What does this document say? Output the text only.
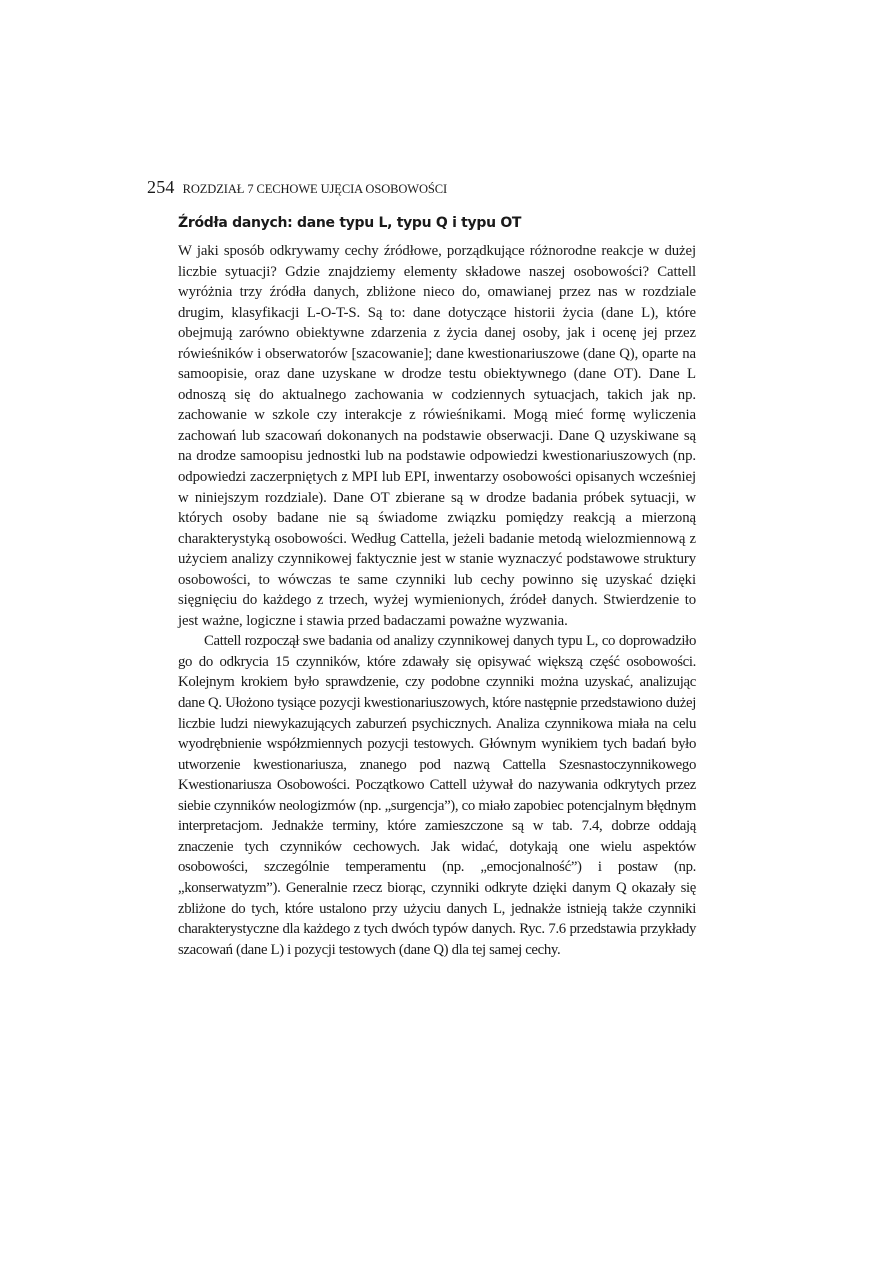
254 ROZDZIAŁ 7 CECHOWE UJĘCIA OSOBOWOŚCI
Źródła danych: dane typu L, typu Q i typu OT

W jaki sposób odkrywamy cechy źródłowe, porządkujące różnorodne reakcje w dużej liczbie sytuacji? Gdzie znajdziemy elementy składowe naszej osobowości? Cattell wyróżnia trzy źródła danych, zbliżone nieco do, omawianej przez nas w rozdziale drugim, klasyfikacji L-O-T-S. Są to: dane dotyczące historii życia (dane L), które obejmują zarówno obiektywne zdarzenia z życia danej osoby, jak i ocenę jej przez rówieśników i obserwatorów [szacowanie]; dane kwestionariuszowe (dane Q), oparte na samoopisie, oraz dane uzyskane w drodze testu obiektywnego (dane OT). Dane L odnoszą się do aktualnego zachowania w codziennych sytuacjach, takich jak np. zachowanie w szkole czy interakcje z rówieśnikami. Mogą mieć formę wyliczenia zachowań lub szacowań dokonanych na podstawie obserwacji. Dane Q uzyskiwane są na drodze samoopisu jednostki lub na podstawie odpowiedzi kwestionariuszowych (np. odpowiedzi zaczerpniętych z MPI lub EPI, inwentarzy osobowości opisanych wcześniej w niniejszym rozdziale). Dane OT zbierane są w drodze badania próbek sytuacji, w których osoby badane nie są świadome związku pomiędzy reakcją a mierzoną charakterystyką osobowości. Według Cattella, jeżeli badanie metodą wielozmiennową z użyciem analizy czynnikowej faktycznie jest w stanie wyznaczyć podstawowe struktury osobowości, to wówczas te same czynniki lub cechy powinno się uzyskać dzięki sięgnięciu do każdego z trzech, wyżej wymienionych, źródeł danych. Stwierdzenie to jest ważne, logiczne i stawia przed badaczami poważne wyzwania.

Cattell rozpoczął swe badania od analizy czynnikowej danych typu L, co doprowadziło go do odkrycia 15 czynników, które zdawały się opisywać większą część osobowości. Kolejnym krokiem było sprawdzenie, czy podobne czynniki można uzyskać, analizując dane Q. Ułożono tysiące pozycji kwestionariuszowych, które następnie przedstawiono dużej liczbie ludzi niewykazujących zaburzeń psychicznych. Analiza czynnikowa miała na celu wyodrębnienie współzmiennych pozycji testowych. Głównym wynikiem tych badań było utworzenie kwestionariusza, znanego pod nazwą Cattella Szesnastoczynnikowego Kwestionariusza Osobowości. Początkowo Cattell używał do nazywania odkrytych przez siebie czynników neologizmów (np. „surgencja”), co miało zapobiec potencjalnym błędnym interpretacjom. Jednakże terminy, które zamieszczone są w tab. 7.4, dobrze oddają znaczenie tych czynników cechowych. Jak widać, dotykają one wielu aspektów osobowości, szczególnie temperamentu (np. „emocjonalność”) i postaw (np. „konserwatyzm”). Generalnie rzecz biorąc, czynniki odkryte dzięki danym Q okazały się zbliżone do tych, które ustalono przy użyciu danych L, jednakże istnieją także czynniki charakterystyczne dla każdego z tych dwóch typów danych. Ryc. 7.6 przedstawia przykłady szacowań (dane L) i pozycji testowych (dane Q) dla tej samej cechy.
